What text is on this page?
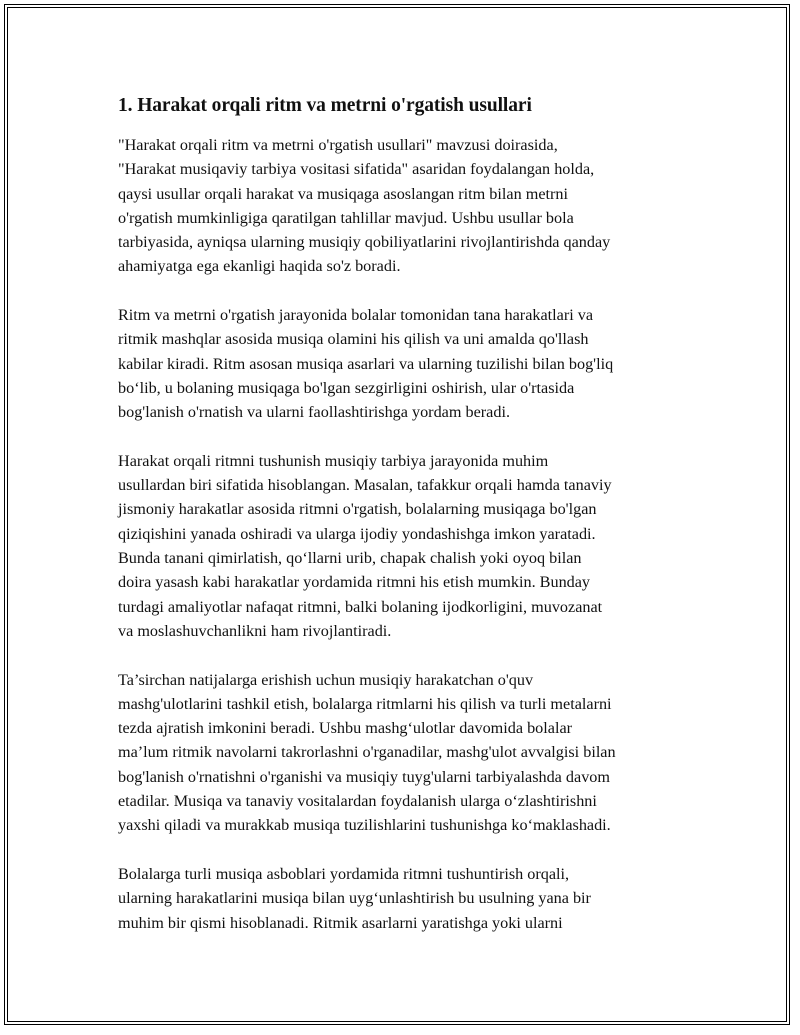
1. Harakat orqali ritm va metrni o'rgatish usullari

"Harakat orqali ritm va metrni o'rgatish usullari" mavzusi doirasida,
"Harakat musiqaviy tarbiya vositasi sifatida" asaridan foydalangan holda,
qaysi usullar orqali harakat va musiqaga asoslangan ritm bilan metrni
o'rgatish mumkinligiga qaratilgan tahlillar mavjud. Ushbu usullar bola
tarbiyasida, ayniqsa ularning musiqiy qobiliyatlarini rivojlantirishda qanday
ahamiyatga ega ekanligi haqida so'z boradi.

Ritm va metrni o'rgatish jarayonida bolalar tomonidan tana harakatlari va
ritmik mashqlar asosida musiqa olamini his qilish va uni amalda qo'llash
kabilar kiradi. Ritm asosan musiqa asarlari va ularning tuzilishi bilan bog'liq
bo‘lib, u bolaning musiqaga bo'lgan sezgirligini oshirish, ular o'rtasida
bog'lanish o'rnatish va ularni faollashtirishga yordam beradi.

Harakat orqali ritmni tushunish musiqiy tarbiya jarayonida muhim
usullardan biri sifatida hisoblangan. Masalan, tafakkur orqali hamda tanaviy
jismoniy harakatlar asosida ritmni o'rgatish, bolalarning musiqaga bo'lgan
qiziqishini yanada oshiradi va ularga ijodiy yondashishga imkon yaratadi.
Bunda tanani qimirlatish, qo‘llarni urib, chapak chalish yoki oyoq bilan
doira yasash kabi harakatlar yordamida ritmni his etish mumkin. Bunday
turdagi amaliyotlar nafaqat ritmni, balki bolaning ijodkorligini, muvozanat
va moslashuvchanlikni ham rivojlantiradi.

Ta’sirchan natijalarga erishish uchun musiqiy harakatchan o'quv
mashg'ulotlarini tashkil etish, bolalarga ritmlarni his qilish va turli metalarni
tezda ajratish imkonini beradi. Ushbu mashg‘ulotlar davomida bolalar
ma’lum ritmik navolarni takrorlashni o'rganadilar, mashg'ulot avvalgisi bilan
bog'lanish o'rnatishni o'rganishi va musiqiy tuyg'ularni tarbiyalashda davom
etadilar. Musiqa va tanaviy vositalardan foydalanish ularga o‘zlashtirishni
yaxshi qiladi va murakkab musiqa tuzilishlarini tushunishga ko‘maklashadi.

Bolalarga turli musiqa asboblari yordamida ritmni tushuntirish orqali,
ularning harakatlarini musiqa bilan uyg‘unlashtirish bu usulning yana bir
muhim bir qismi hisoblanadi. Ritmik asarlarni yaratishga yoki ularni
